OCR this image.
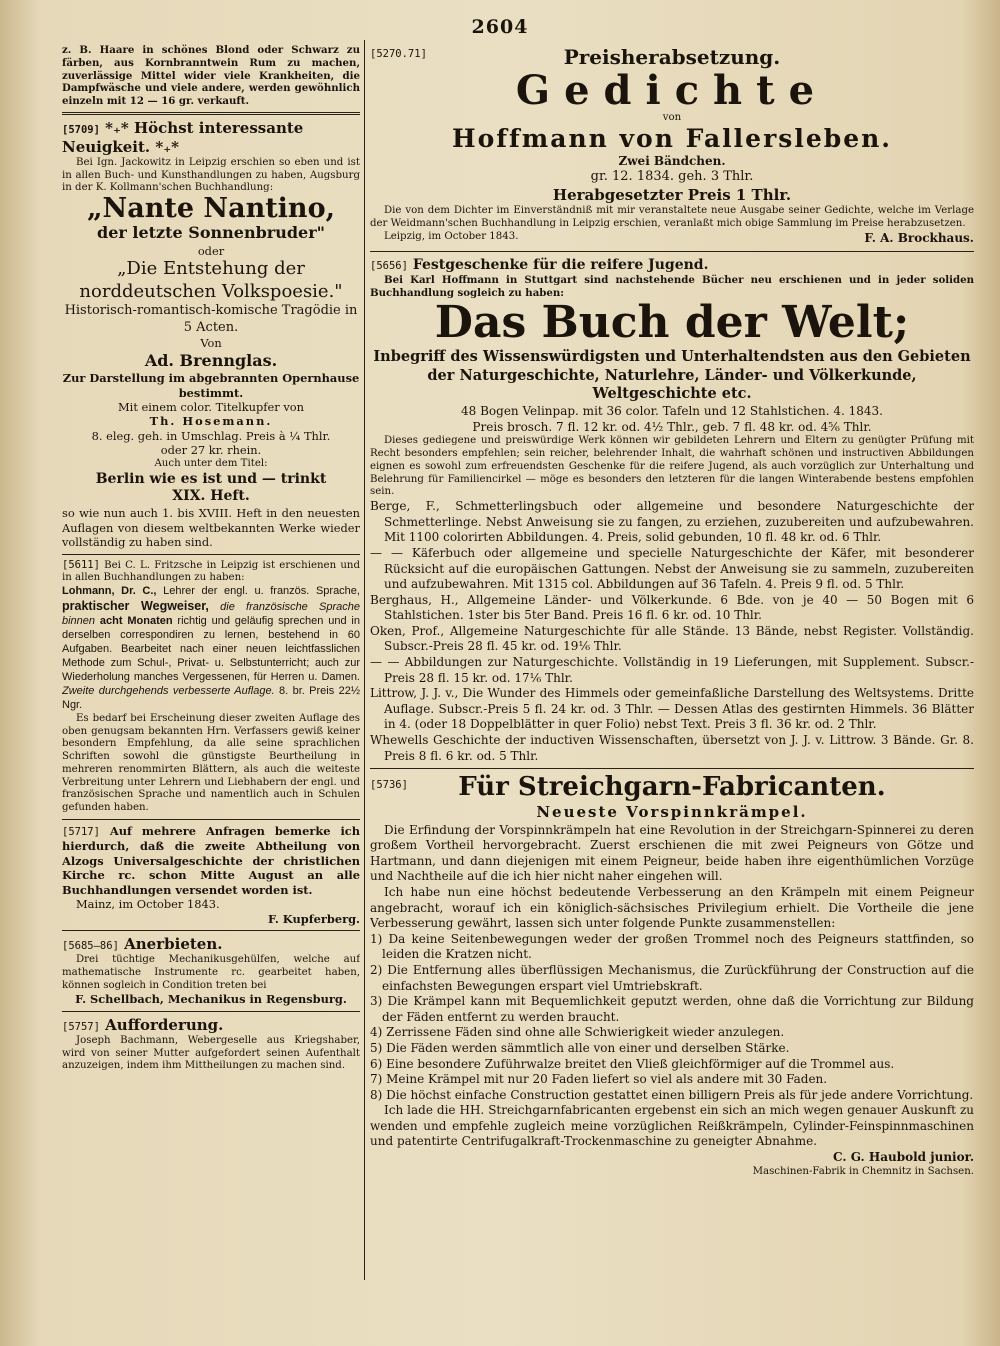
2604

z. B. Haare in schönes Blond oder Schwarz zu färben, aus Kornbranntwein Rum zu machen, zuverlässige Mittel wider viele Krankheiten, die Dampfwäsche und viele andere, werden gewöhnlich einzeln mit 12 — 16 gr. verkauft.

[5709] *₊* Höchst interessante Neuigkeit. *₊*

Bei Ign. Jackowitz in Leipzig erschien so eben und ist in allen Buch- und Kunsthandlungen zu haben, Augsburg in der K. Kollmann'schen Buchhandlung:

„Nante Nantino,

der letzte Sonnenbruder"

oder

„Die Entstehung der norddeutschen Volkspoesie."

Historisch-romantisch-komische Tragödie in 5 Acten.

Von

Ad. Brennglas.

Zur Darstellung im abgebrannten Opernhause bestimmt.

Mit einem color. Titelkupfer von

Th. Hosemann.

8. eleg. geh. in Umschlag. Preis à ¼ Thlr.

oder 27 kr. rhein.

Auch unter dem Titel:

Berlin wie es ist und — trinkt

XIX. Heft.

so wie nun auch 1. bis XVIII. Heft in den neuesten Auflagen von diesem weltbekannten Werke wieder vollständig zu haben sind.

[5611] Bei C. L. Fritzsche in Leipzig ist erschienen und in allen Buchhandlungen zu haben:

Lohmann, Dr. C., Lehrer der engl. u. französ. Sprache, praktischer Wegweiser, die französische Sprache binnen acht Monaten richtig und geläufig sprechen und in derselben correspondiren zu lernen, bestehend in 60 Aufgaben. Bearbeitet nach einer neuen leichtfasslichen Methode zum Schul-, Privat- u. Selbstunterricht; auch zur Wiederholung manches Vergessenen, für Herren u. Damen. Zweite durchgehends verbesserte Auflage. 8. br. Preis 22½ Ngr.

Es bedarf bei Erscheinung dieser zweiten Auflage des oben genugsam bekannten Hrn. Verfassers gewiß keiner besondern Empfehlung, da alle seine sprachlichen Schriften sowohl die günstigste Beurtheilung in mehreren renommirten Blättern, als auch die weiteste Verbreitung unter Lehrern und Liebhabern der engl. und französischen Sprache und namentlich auch in Schulen gefunden haben.

[5717] Auf mehrere Anfragen bemerke ich hierdurch, daß die zweite Abtheilung von Alzogs Universalgeschichte der christlichen Kirche rc. schon Mitte August an alle Buchhandlungen versendet worden ist.

Mainz, im October 1843.

F. Kupferberg.

[5685—86] Anerbieten.

Drei tüchtige Mechanikusgehülfen, welche auf mathematische Instrumente rc. gearbeitet haben, können sogleich in Condition treten bei

F. Schellbach, Mechanikus in Regensburg.

[5757] Aufforderung.

Joseph Bachmann, Webergeselle aus Kriegshaber, wird von seiner Mutter aufgefordert seinen Aufenthalt anzuzeigen, indem ihm Mittheilungen zu machen sind.

[5270.71]	Preisherabsetzung.

Gedichte

von

Hoffmann von Fallersleben.

Zwei Bändchen.

gr. 12. 1834. geh. 3 Thlr.

Herabgesetzter Preis 1 Thlr.

Die von dem Dichter im Einverständniß mit mir veranstaltete neue Ausgabe seiner Gedichte, welche im Verlage der Weidmann'schen Buchhandlung in Leipzig erschien, veranlaßt mich obige Sammlung im Preise herabzusetzen.

Leipzig, im October 1843.	F. A. Brockhaus.

[5656] Festgeschenke für die reifere Jugend.

Bei Karl Hoffmann in Stuttgart sind nachstehende Bücher neu erschienen und in jeder soliden Buchhandlung sogleich zu haben:

Das Buch der Welt;

Inbegriff des Wissenswürdigsten und Unterhaltendsten aus den Gebieten der Naturgeschichte, Naturlehre, Länder- und Völkerkunde, Weltgeschichte etc.

48 Bogen Velinpap. mit 36 color. Tafeln und 12 Stahlstichen. 4. 1843.

Preis brosch. 7 fl. 12 kr. od. 4½ Thlr., geb. 7 fl. 48 kr. od. 4⅚ Thlr.

Dieses gediegene und preiswürdige Werk können wir gebildeten Lehrern und Eltern zu genügter Prüfung mit Recht besonders empfehlen; sein reicher, belehrender Inhalt, die wahrhaft schönen und instructiven Abbildungen eignen es sowohl zum erfreuendsten Geschenke für die reifere Jugend, als auch vorzüglich zur Unterhaltung und Belehrung für Familiencirkel — möge es besonders den letzteren für die langen Winterabende bestens empfohlen sein.

Berge, F., Schmetterlingsbuch oder allgemeine und besondere Naturgeschichte der Schmetterlinge. Nebst Anweisung sie zu fangen, zu erziehen, zuzubereiten und aufzubewahren. Mit 1100 colorirten Abbildungen. 4. Preis, solid gebunden, 10 fl. 48 kr. od. 6 Thlr.

— — Käferbuch oder allgemeine und specielle Naturgeschichte der Käfer, mit besonderer Rücksicht auf die europäischen Gattungen. Nebst der Anweisung sie zu sammeln, zuzubereiten und aufzubewahren. Mit 1315 col. Abbildungen auf 36 Tafeln. 4. Preis 9 fl. od. 5 Thlr.

Berghaus, H., Allgemeine Länder- und Völkerkunde. 6 Bde. von je 40 — 50 Bogen mit 6 Stahlstichen. 1ster bis 5ter Band. Preis 16 fl. 6 kr. od. 10 Thlr.

Oken, Prof., Allgemeine Naturgeschichte für alle Stände. 13 Bände, nebst Register. Vollständig. Subscr.-Preis 28 fl. 45 kr. od. 19⅙ Thlr.

— — Abbildungen zur Naturgeschichte. Vollständig in 19 Lieferungen, mit Supplement. Subscr.-Preis 28 fl. 15 kr. od. 17⅙ Thlr.

Littrow, J. J. v., Die Wunder des Himmels oder gemeinfaßliche Darstellung des Weltsystems. Dritte Auflage. Subscr.-Preis 5 fl. 24 kr. od. 3 Thlr. — Dessen Atlas des gestirnten Himmels. 36 Blätter in 4. (oder 18 Doppelblätter in quer Folio) nebst Text. Preis 3 fl. 36 kr. od. 2 Thlr.

Whewells Geschichte der inductiven Wissenschaften, übersetzt von J. J. v. Littrow. 3 Bände. Gr. 8. Preis 8 fl. 6 kr. od. 5 Thlr.

[5736] Für Streichgarn-Fabricanten.

Neueste Vorspinnkrämpel.

Die Erfindung der Vorspinnkrämpeln hat eine Revolution in der Streichgarn-Spinnerei zu deren großem Vortheil hervorgebracht. Zuerst erschienen die mit zwei Peigneurs von Götze und Hartmann, und dann diejenigen mit einem Peigneur, beide haben ihre eigenthümlichen Vorzüge und Nachtheile auf die ich hier nicht naher eingehen will.

Ich habe nun eine höchst bedeutende Verbesserung an den Krämpeln mit einem Peigneur angebracht, worauf ich ein königlich-sächsisches Privilegium erhielt. Die Vortheile die jene Verbesserung gewährt, lassen sich unter folgende Punkte zusammenstellen:

1) Da keine Seitenbewegungen weder der großen Trommel noch des Peigneurs stattfinden, so leiden die Kratzen nicht.

2) Die Entfernung alles überflüssigen Mechanismus, die Zurückführung der Construction auf die einfachsten Bewegungen erspart viel Umtriebskraft.

3) Die Krämpel kann mit Bequemlichkeit geputzt werden, ohne daß die Vorrichtung zur Bildung der Fäden entfernt zu werden braucht.

4) Zerrissene Fäden sind ohne alle Schwierigkeit wieder anzulegen.

5) Die Fäden werden sämmtlich alle von einer und derselben Stärke.

6) Eine besondere Zuführwalze breitet den Vließ gleichförmiger auf die Trommel aus.

7) Meine Krämpel mit nur 20 Faden liefert so viel als andere mit 30 Faden.

8) Die höchst einfache Construction gestattet einen billigern Preis als für jede andere Vorrichtung.

Ich lade die HH. Streichgarnfabricanten ergebenst ein sich an mich wegen genauer Auskunft zu wenden und empfehle zugleich meine vorzüglichen Reißkrämpeln, Cylinder-Feinspinnmaschinen und patentirte Centrifugalkraft-Trockenmaschine zu geneigter Abnahme.

C. G. Haubold junior.

Maschinen-Fabrik in Chemnitz in Sachsen.
